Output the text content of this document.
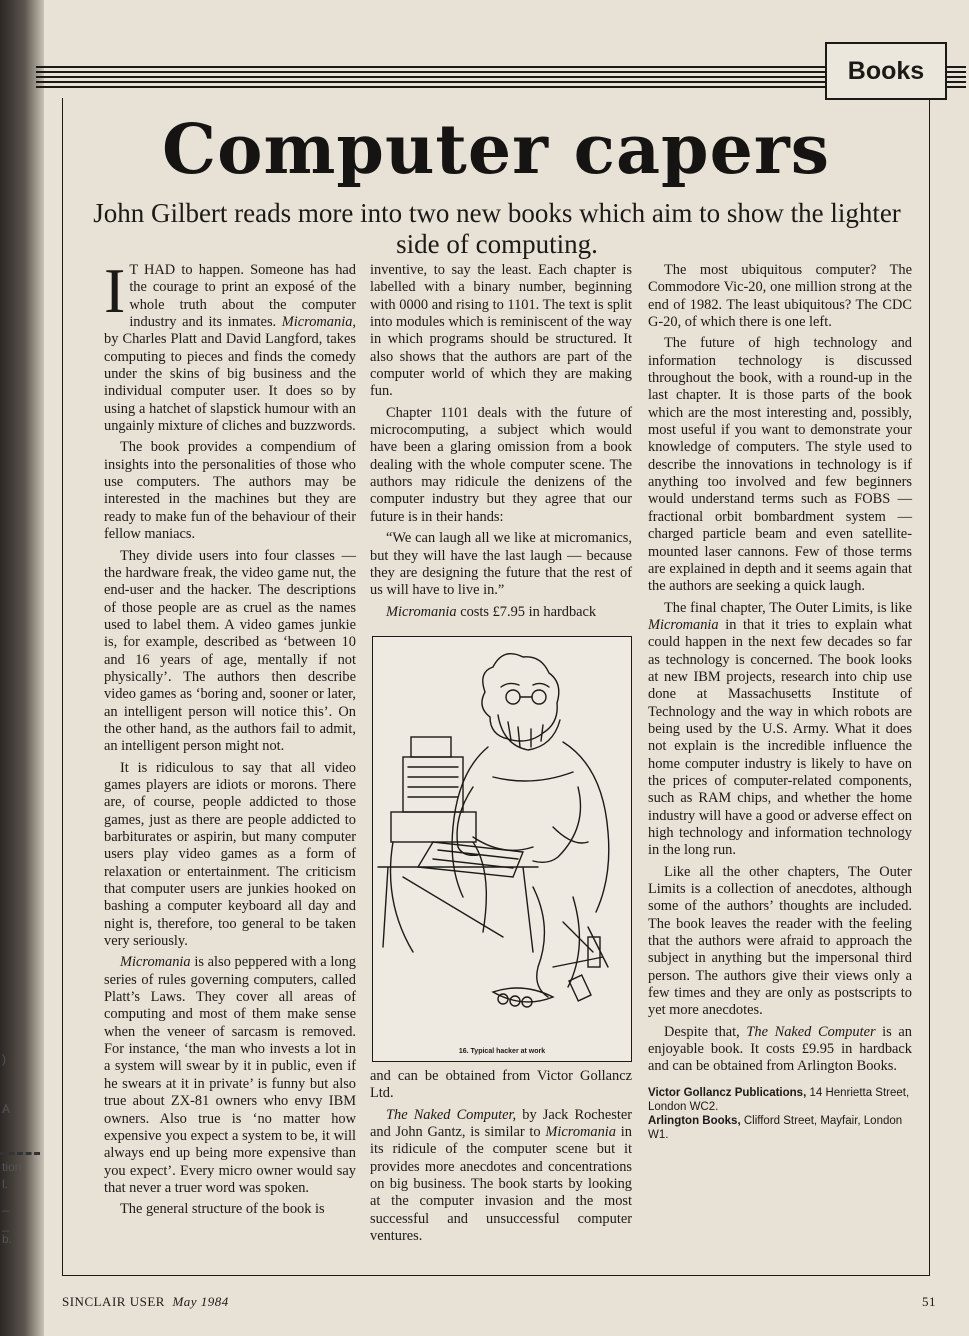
)
A
tion
l.
_
_
b.
Books
Computer capers
John Gilbert reads more into two new books which aim to show the lighter side of computing.

I T HAD to happen. Someone has had the courage to print an exposé of the whole truth about the computer industry and its inmates. Micromania, by Charles Platt and David Langford, takes computing to pieces and finds the comedy under the skins of big business and the individual computer user. It does so by using a hatchet of slapstick humour with an ungainly mixture of cliches and buzzwords.

The book provides a compendium of insights into the personalities of those who use computers. The authors may be interested in the machines but they are ready to make fun of the behaviour of their fellow maniacs.

They divide users into four classes — the hardware freak, the video game nut, the end-user and the hacker. The descriptions of those people are as cruel as the names used to label them. A video games junkie is, for example, described as ‘between 10 and 16 years of age, mentally if not physically’. The authors then describe video games as ‘boring and, sooner or later, an intelligent person will notice this’. On the other hand, as the authors fail to admit, an intelligent person might not.

It is ridiculous to say that all video games players are idiots or morons. There are, of course, people addicted to those games, just as there are people addicted to barbiturates or aspirin, but many computer users play video games as a form of relaxation or entertainment. The criticism that computer users are junkies hooked on bashing a computer keyboard all day and night is, therefore, too general to be taken very seriously.

Micromania is also peppered with a long series of rules governing computers, called Platt’s Laws. They cover all areas of computing and most of them make sense when the veneer of sarcasm is removed. For instance, ‘the man who invests a lot in a system will swear by it in public, even if he swears at it in private’ is funny but also true about ZX-81 owners who envy IBM owners. Also true is ‘no matter how expensive you expect a system to be, it will always end up being more expensive than you expect’. Every micro owner would say that never a truer word was spoken.

The general structure of the book is

inventive, to say the least. Each chapter is labelled with a binary number, beginning with 0000 and rising to 1101. The text is split into modules which is reminiscent of the way in which programs should be structured. It also shows that the authors are part of the computer world of which they are making fun.

Chapter 1101 deals with the future of microcomputing, a subject which would have been a glaring omission from a book dealing with the whole computer scene. The authors may ridicule the denizens of the computer industry but they agree that our future is in their hands:

“We can laugh all we like at micromanics, but they will have the last laugh — because they are designing the future that the rest of us will have to live in.”

Micromania costs £7.95 in hardback

16. Typical hacker at work

and can be obtained from Victor Gollancz Ltd.

The Naked Computer, by Jack Rochester and John Gantz, is similar to Micromania in its ridicule of the computer scene but it provides more anecdotes and concentrations on big business. The book starts by looking at the computer invasion and the most successful and unsuccessful computer ventures.

The most ubiquitous computer? The Commodore Vic-20, one million strong at the end of 1982. The least ubiquitous? The CDC G-20, of which there is one left.

The future of high technology and information technology is discussed throughout the book, with a round-up in the last chapter. It is those parts of the book which are the most interesting and, possibly, most useful if you want to demonstrate your knowledge of computers. The style used to describe the innovations in technology is if anything too involved and few beginners would understand terms such as FOBS — fractional orbit bombardment system — charged particle beam and even satellite-mounted laser cannons. Few of those terms are explained in depth and it seems again that the authors are seeking a quick laugh.

The final chapter, The Outer Limits, is like Micromania in that it tries to explain what could happen in the next few decades so far as technology is concerned. The book looks at new IBM projects, research into chip use done at Massachusetts Institute of Technology and the way in which robots are being used by the U.S. Army. What it does not explain is the incredible influence the home computer industry is likely to have on the prices of computer-related components, such as RAM chips, and whether the home industry will have a good or adverse effect on high technology and information technology in the long run.

Like all the other chapters, The Outer Limits is a collection of anecdotes, although some of the authors’ thoughts are included. The book leaves the reader with the feeling that the authors were afraid to approach the subject in anything but the impersonal third person. The authors give their views only a few times and they are only as postscripts to yet more anecdotes.

Despite that, The Naked Computer is an enjoyable book. It costs £9.95 in hardback and can be obtained from Arlington Books.

Victor Gollancz Publications, 14 Henrietta Street, London WC2.
Arlington Books, Clifford Street, Mayfair, London W1.
SINCLAIR USER May 1984	51
